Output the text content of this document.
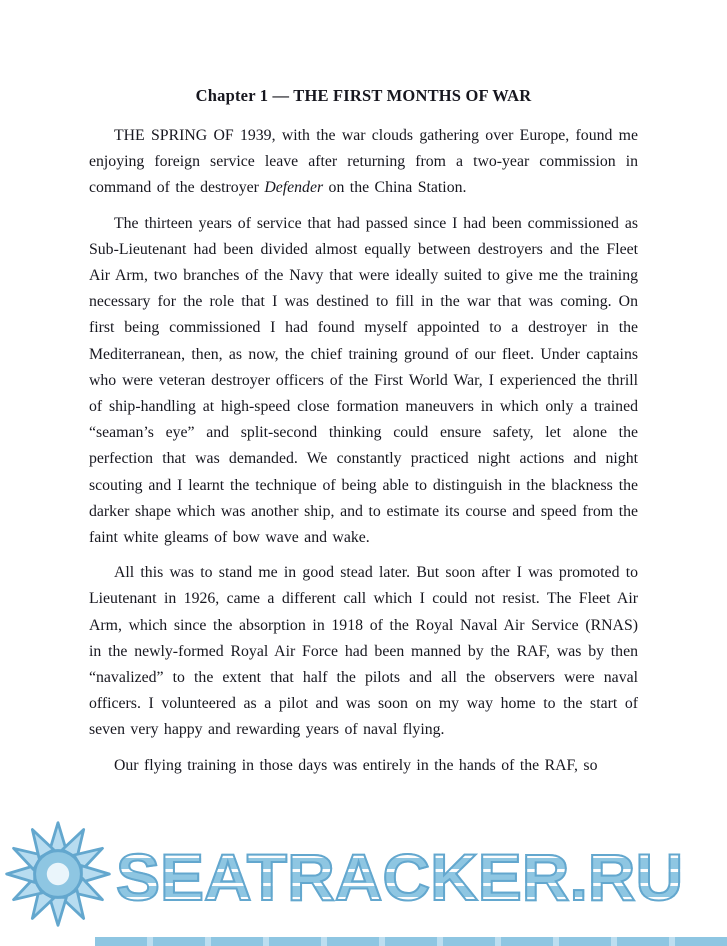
Chapter 1 — THE FIRST MONTHS OF WAR

THE SPRING OF 1939, with the war clouds gathering over Europe, found me enjoying foreign service leave after returning from a two-year commission in command of the destroyer Defender on the China Station.

The thirteen years of service that had passed since I had been commissioned as Sub-Lieutenant had been divided almost equally between destroyers and the Fleet Air Arm, two branches of the Navy that were ideally suited to give me the training necessary for the role that I was destined to fill in the war that was coming. On first being commissioned I had found myself appointed to a destroyer in the Mediterranean, then, as now, the chief training ground of our fleet. Under captains who were veteran destroyer officers of the First World War, I experienced the thrill of ship-handling at high-speed close formation maneuvers in which only a trained “seaman’s eye” and split-second thinking could ensure safety, let alone the perfection that was demanded. We constantly practiced night actions and night scouting and I learnt the technique of being able to distinguish in the blackness the darker shape which was another ship, and to estimate its course and speed from the faint white gleams of bow wave and wake.

All this was to stand me in good stead later. But soon after I was promoted to Lieutenant in 1926, came a different call which I could not resist. The Fleet Air Arm, which since the absorption in 1918 of the Royal Naval Air Service (RNAS) in the newly-formed Royal Air Force had been manned by the RAF, was by then “navalized” to the extent that half the pilots and all the observers were naval officers. I volunteered as a pilot and was soon on my way home to the start of seven very happy and rewarding years of naval flying.

Our flying training in those days was entirely in the hands of the RAF, so

SEATRACKER.RU
